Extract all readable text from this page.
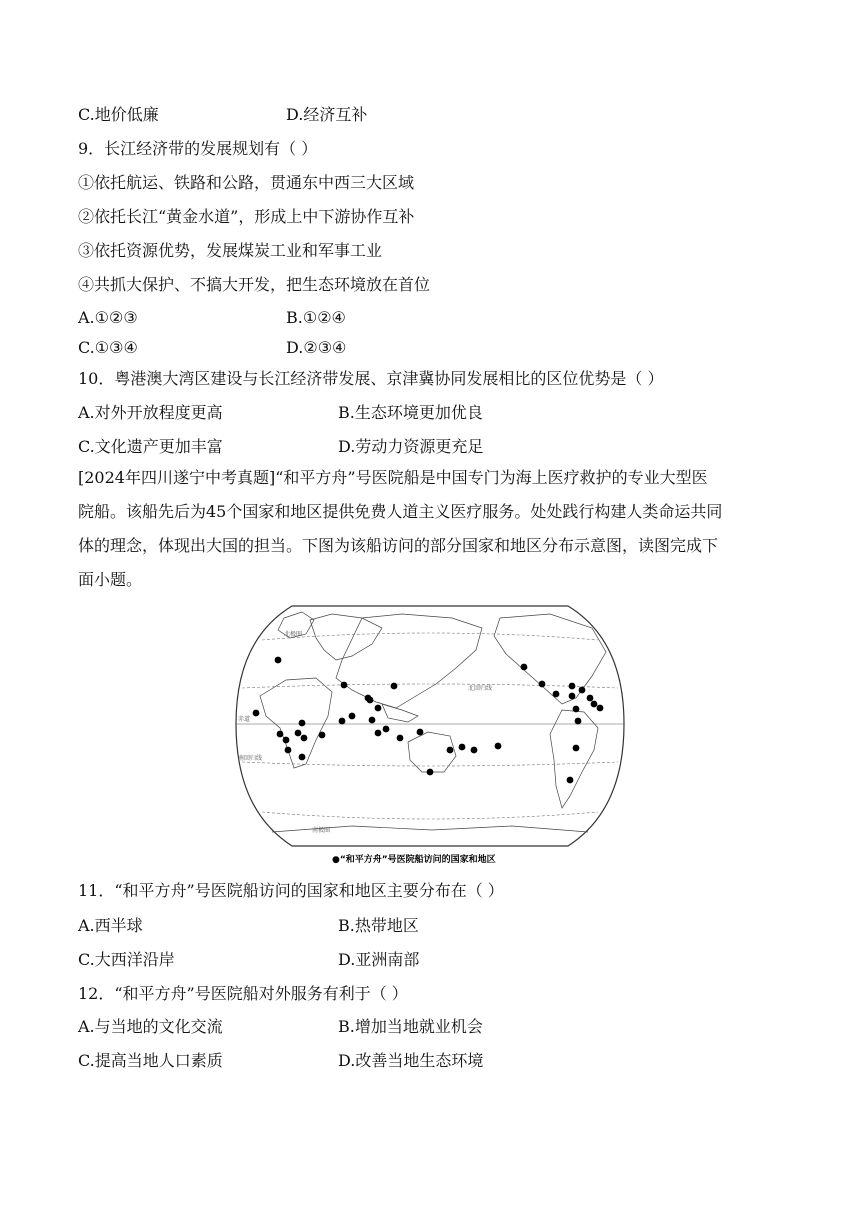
C.地价低廉	D.经济互补
9．长江经济带的发展规划有（ ）
①依托航运、铁路和公路，贯通东中西三大区域
②依托长江“黄金水道”，形成上中下游协作互补
③依托资源优势，发展煤炭工业和军事工业
④共抓大保护、不搞大开发，把生态环境放在首位
A.①②③	B.①②④
C.①③④	D.②③④
10．粤港澳大湾区建设与长江经济带发展、京津冀协同发展相比的区位优势是（ ）
A.对外开放程度更高	B.生态环境更加优良
C.文化遗产更加丰富	D.劳动力资源更充足
[2024年四川遂宁中考真题]“和平方舟”号医院船是中国专门为海上医疗救护的专业大型医
院船。该船先后为45个国家和地区提供免费人道主义医疗服务。处处践行构建人类命运共同
体的理念，体现出大国的担当。下图为该船访问的部分国家和地区分布示意图，读图完成下
面小题。
北极圈
北回归线
赤道
南回归线
南极圈
●“和平方舟”号医院船访问的国家和地区
11．“和平方舟”号医院船访问的国家和地区主要分布在（ ）
A.西半球	B.热带地区
C.大西洋沿岸	D.亚洲南部
12．“和平方舟”号医院船对外服务有利于（ ）
A.与当地的文化交流	B.增加当地就业机会
C.提高当地人口素质	D.改善当地生态环境
